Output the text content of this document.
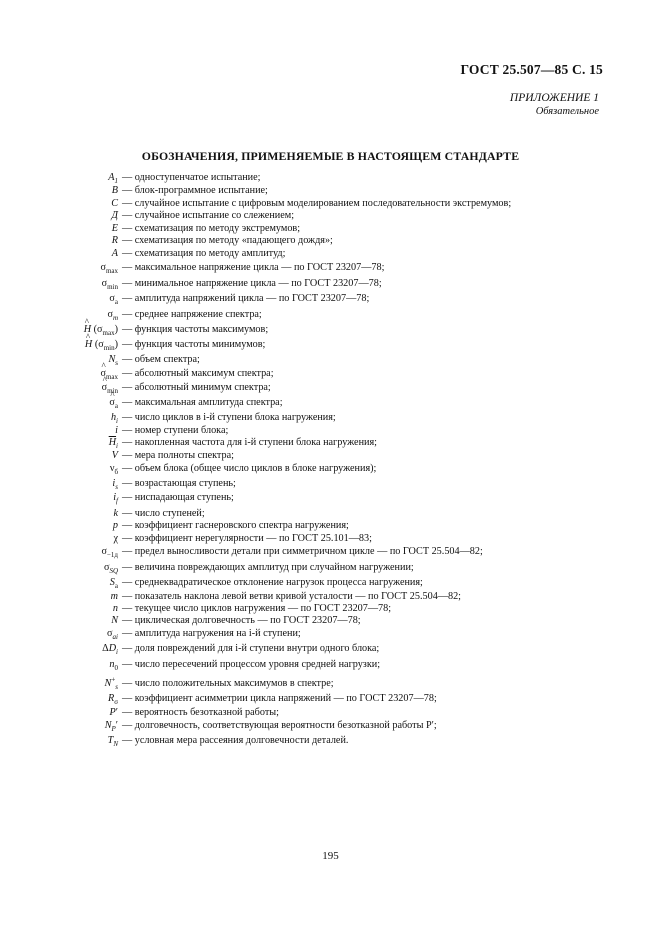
ГОСТ 25.507—85 С. 15
ПРИЛОЖЕНИЕ 1
Обязательное
ОБОЗНАЧЕНИЯ, ПРИМЕНЯЕМЫЕ В НАСТОЯЩЕМ СТАНДАРТЕ
$A_1$ — одноступенчатое испытание;
B — блок-программное испытание;
C — случайное испытание с цифровым моделированием последовательности экстремумов;
Д — случайное испытание со слежением;
E — схематизация по методу экстремумов;
R — схематизация по методу «падающего дождя»;
A — схематизация по методу амплитуд;
$\sigma_{max}$ — максимальное напряжение цикла — по ГОСТ 23207—78;
$\sigma_{min}$ — минимальное напряжение цикла — по ГОСТ 23207—78;
$\sigma_a$ — амплитуда напряжений цикла — по ГОСТ 23207—78;
$\sigma_m$ — среднее напряжение спектра;
^ H $(\sigma_{max})$ — функция частоты максимумов;
^ H $(\sigma_{min})$ — функция частоты минимумов;
$N_s$ — объем спектра;
^ $\sigma_{max}$ — абсолютный максимум спектра;
^ $\sigma_{min}$ — абсолютный минимум спектра;
^ $\sigma_a$ — максимальная амплитуда спектра;
$h_i$ — число циклов в i-й ступени блока нагружения;
i — номер ступени блока;
$\overline{H}_i$ — накопленная частота для i-й ступени блока нагружения;
V — мера полноты спектра;
$\nu_б$ — объем блока (общее число циклов в блоке нагружения);
$i_s$ — возрастающая ступень;
$i_f$ — ниспадающая ступень;
k — число ступеней;
p — коэффициент гаснеровского спектра нагружения;
χ — коэффициент нерегулярности — по ГОСТ 25.101—83;
$\sigma_{-1д}$ — предел выносливости детали при симметричном цикле — по ГОСТ 25.504—82;
$\sigma_{SQ}$ — величина повреждающих амплитуд при случайном нагружении;
$S_a$ — среднеквадратическое отклонение нагрузок процесса нагружения;
m — показатель наклона левой ветви кривой усталости — по ГОСТ 25.504—82;
n — текущее число циклов нагружения — по ГОСТ 23207—78;
N — циклическая долговечность — по ГОСТ 23207—78;
$\sigma_{ai}$ — амплитуда нагружения на i-й ступени;
$\Delta D_i$ — доля повреждений для i-й ступени внутри одного блока;
$n_0$ — число пересечений процессом уровня средней нагрузки;
$N^+_s$ — число положительных максимумов в спектре;
$R_\sigma$ — коэффициент асимметрии цикла напряжений — по ГОСТ 23207—78;
P′ — вероятность безотказной работы;
$N_P'$ — долговечность, соответствующая вероятности безотказной работы P′;
$T_N$ — условная мера рассеяния долговечности деталей.
195
